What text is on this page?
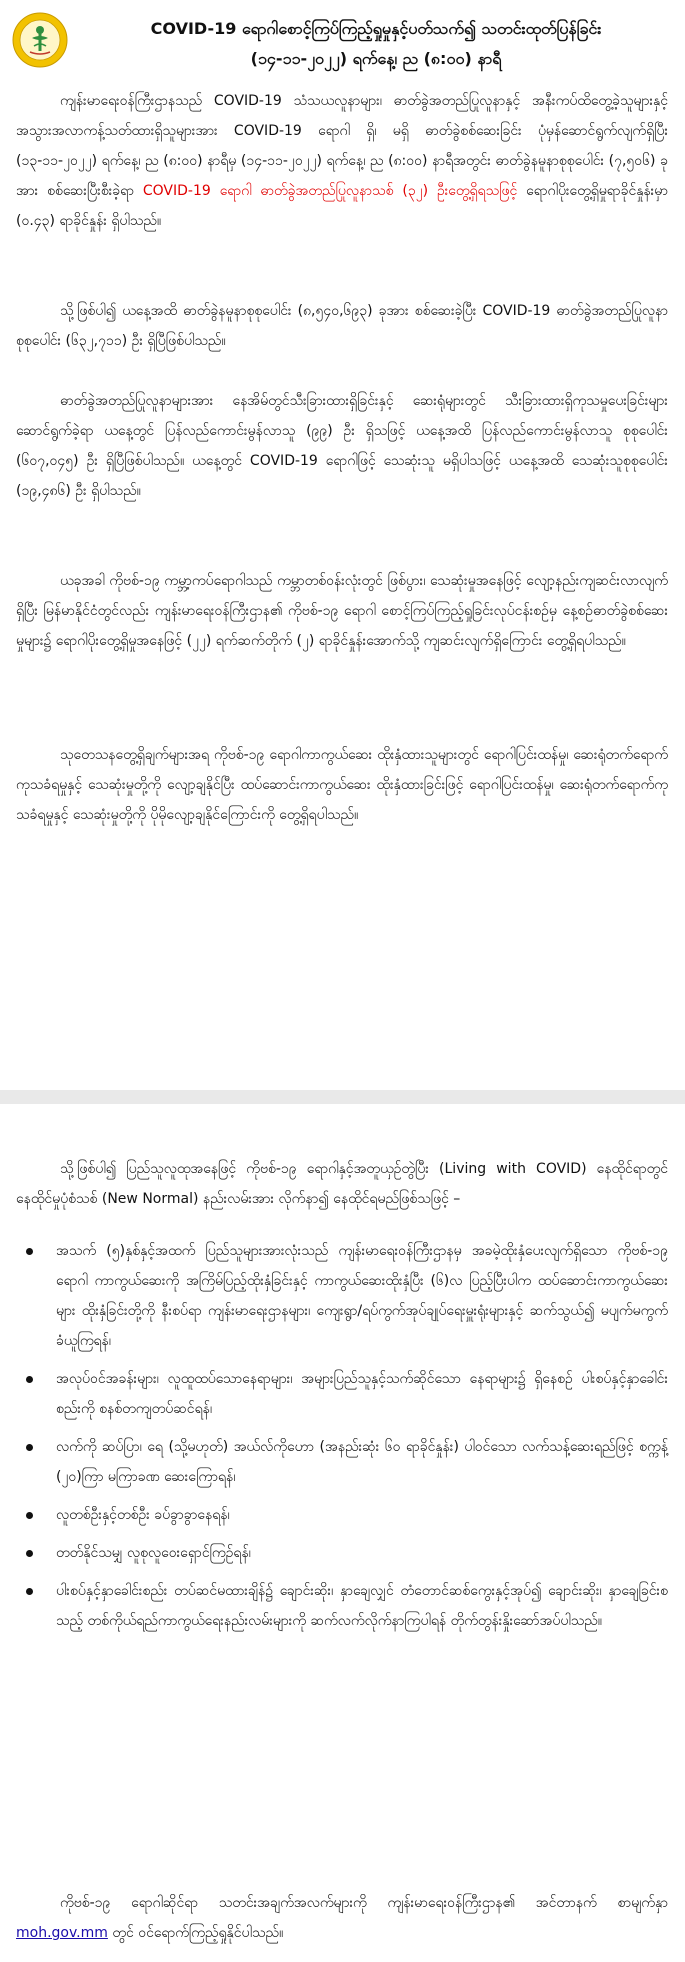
COVID-19 ရောဂါစောင့်ကြပ်ကြည့်ရှုမှုနှင့်ပတ်သက်၍ သတင်းထုတ်ပြန်ခြင်း
(၁၄-၁၁-၂၀၂၂) ရက်နေ့၊ ည (၈:၀၀) နာရီ
ကျန်းမာရေးဝန်ကြီးဌာနသည် COVID-19 သံသယလူနာများ၊ ဓာတ်ခွဲအတည်ပြုလူနာနှင့် အနီးကပ်ထိတွေ့ခဲ့သူများနှင့် အသွားအလာကန့်သတ်ထားရှိသူများအား COVID-19 ရောဂါ ရှိ၊ မရှိ ဓာတ်ခွဲစစ်ဆေးခြင်း ပုံမှန်ဆောင်ရွက်လျက်ရှိပြီး (၁၃-၁၁-၂၀၂၂) ရက်နေ့၊ ည (၈:၀၀) နာရီမှ (၁၄-၁၁-၂၀၂၂) ရက်နေ့၊ ည (၈:၀၀) နာရီအတွင်း ဓာတ်ခွဲနမူနာစုစုပေါင်း (၇,၅၀၆) ခုအား စစ်ဆေးပြီးစီးခဲ့ရာ COVID-19 ရောဂါ ဓာတ်ခွဲအတည်ပြုလူနာသစ် (၃၂) ဦးတွေ့ရှိရသဖြင့် ရောဂါပိုးတွေ့ရှိမှုရာခိုင်နှုန်းမှာ (၀.၄၃) ရာခိုင်နှုန်း ရှိပါသည်။
သို့ဖြစ်ပါ၍ ယနေ့အထိ ဓာတ်ခွဲနမူနာစုစုပေါင်း (၈,၅၄၀,၆၉၃) ခုအား စစ်ဆေးခဲ့ပြီး COVID-19 ဓာတ်ခွဲအတည်ပြုလူနာ စုစုပေါင်း (၆၃၂,၇၁၁) ဦး ရှိပြီဖြစ်ပါသည်။
ဓာတ်ခွဲအတည်ပြုလူနာများအား နေအိမ်တွင်သီးခြားထားရှိခြင်းနှင့် ဆေးရုံများတွင် သီးခြားထားရှိကုသမှုပေးခြင်းများ ဆောင်ရွက်ခဲ့ရာ ယနေ့တွင် ပြန်လည်ကောင်းမွန်လာသူ (၉၉) ဦး ရှိသဖြင့် ယနေ့အထိ ပြန်လည်ကောင်းမွန်လာသူ စုစုပေါင်း (၆၀၇,၀၄၅) ဦး ရှိပြီဖြစ်ပါသည်။ ယနေ့တွင် COVID-19 ရောဂါဖြင့် သေဆုံးသူ မရှိပါသဖြင့် ယနေ့အထိ သေဆုံးသူစုစုပေါင်း (၁၉,၄၈၆) ဦး ရှိပါသည်။
ယခုအခါ ကိုဗစ်-၁၉ ကမ္ဘာ့ကပ်ရောဂါသည် ကမ္ဘာတစ်ဝန်းလုံးတွင် ဖြစ်ပွား၊ သေဆုံးမှုအနေဖြင့် လျော့နည်းကျဆင်းလာလျက်ရှိပြီး မြန်မာနိုင်ငံတွင်လည်း ကျန်းမာရေးဝန်ကြီးဌာန၏ ကိုဗစ်-၁၉ ရောဂါ စောင့်ကြပ်ကြည့်ရှုခြင်းလုပ်ငန်းစဉ်မှ နေ့စဉ်ဓာတ်ခွဲစစ်ဆေးမှုများ၌ ရောဂါပိုးတွေ့ရှိမှုအနေဖြင့် (၂၂) ရက်ဆက်တိုက် (၂) ရာခိုင်နှုန်းအောက်သို့ ကျဆင်းလျက်ရှိကြောင်း တွေ့ရှိရပါသည်။
သုတေသနတွေ့ရှိချက်များအရ ကိုဗစ်-၁၉ ရောဂါကာကွယ်ဆေး ထိုးနှံထားသူများတွင် ရောဂါပြင်းထန်မှု၊ ဆေးရုံတက်ရောက်ကုသခံရမှုနှင့် သေဆုံးမှုတို့ကို လျော့ချနိုင်ပြီး ထပ်ဆောင်းကာကွယ်ဆေး ထိုးနှံထားခြင်းဖြင့် ရောဂါပြင်းထန်မှု၊ ဆေးရုံတက်ရောက်ကုသခံရမှုနှင့် သေဆုံးမှုတို့ကို ပိုမိုလျော့ချနိုင်ကြောင်းကို တွေ့ရှိရပါသည်။
သို့ဖြစ်ပါ၍ ပြည်သူလူထုအနေဖြင့် ကိုဗစ်-၁၉ ရောဂါနှင့်အတူယှဉ်တွဲပြီး (Living with COVID) နေထိုင်ရာတွင် နေထိုင်မှုပုံစံသစ် (New Normal) နည်းလမ်းအား လိုက်နာ၍ နေထိုင်ရမည်ဖြစ်သဖြင့် –
အသက် (၅)နှစ်နှင့်အထက် ပြည်သူများအားလုံးသည် ကျန်းမာရေးဝန်ကြီးဌာနမှ အခမဲ့ထိုးနှံပေးလျက်ရှိသော ကိုဗစ်-၁၉ ရောဂါ ကာကွယ်ဆေးကို အကြိမ်ပြည့်ထိုးနှံခြင်းနှင့် ကာကွယ်ဆေးထိုးနှံပြီး (၆)လ ပြည့်ပြီးပါက ထပ်ဆောင်းကာကွယ်ဆေးများ ထိုးနှံခြင်းတို့ကို နီးစပ်ရာ ကျန်းမာရေးဌာနများ၊ ကျေးရွာ/ရပ်ကွက်အုပ်ချုပ်ရေးမှူးရုံးများနှင့် ဆက်သွယ်၍ မပျက်မကွက် ခံယူကြရန်၊
အလုပ်ဝင်အခန်းများ၊ လူထူထပ်သောနေရာများ၊ အများပြည်သူနှင့်သက်ဆိုင်သော နေရာများ၌ ရှိနေစဉ် ပါးစပ်နှင့်နှာခေါင်းစည်းကို စနစ်တကျတပ်ဆင်ရန်၊
လက်ကို ဆပ်ပြာ၊ ရေ (သို့မဟုတ်) အယ်လ်ကိုဟော (အနည်းဆုံး ၆၀ ရာခိုင်နှုန်း) ပါဝင်သော လက်သန့်ဆေးရည်ဖြင့် စက္ကန့် (၂၀)ကြာ မကြာခဏ ဆေးကြောရန်၊
လူတစ်ဦးနှင့်တစ်ဦး ခပ်ခွာခွာနေရန်၊
တတ်နိုင်သမျှ လူစုလူဝေးရှောင်ကြဉ်ရန်၊
ပါးစပ်နှင့်နှာခေါင်းစည်း တပ်ဆင်မထားချိန်၌ ချောင်းဆိုး၊ နှာချေလျှင် တံတောင်ဆစ်ကွေးနှင့်အုပ်၍ ချောင်းဆိုး၊ နှာချေခြင်းစသည့် တစ်ကိုယ်ရည်ကာကွယ်ရေးနည်းလမ်းများကို ဆက်လက်လိုက်နာကြပါရန် တိုက်တွန်းနှိုးဆော်အပ်ပါသည်။
ကိုဗစ်-၁၉ ရောဂါဆိုင်ရာ သတင်းအချက်အလက်များကို ကျန်းမာရေးဝန်ကြီးဌာန၏ အင်တာနက် စာမျက်နှာ moh.gov.mm တွင် ဝင်ရောက်ကြည့်ရှုနိုင်ပါသည်။
